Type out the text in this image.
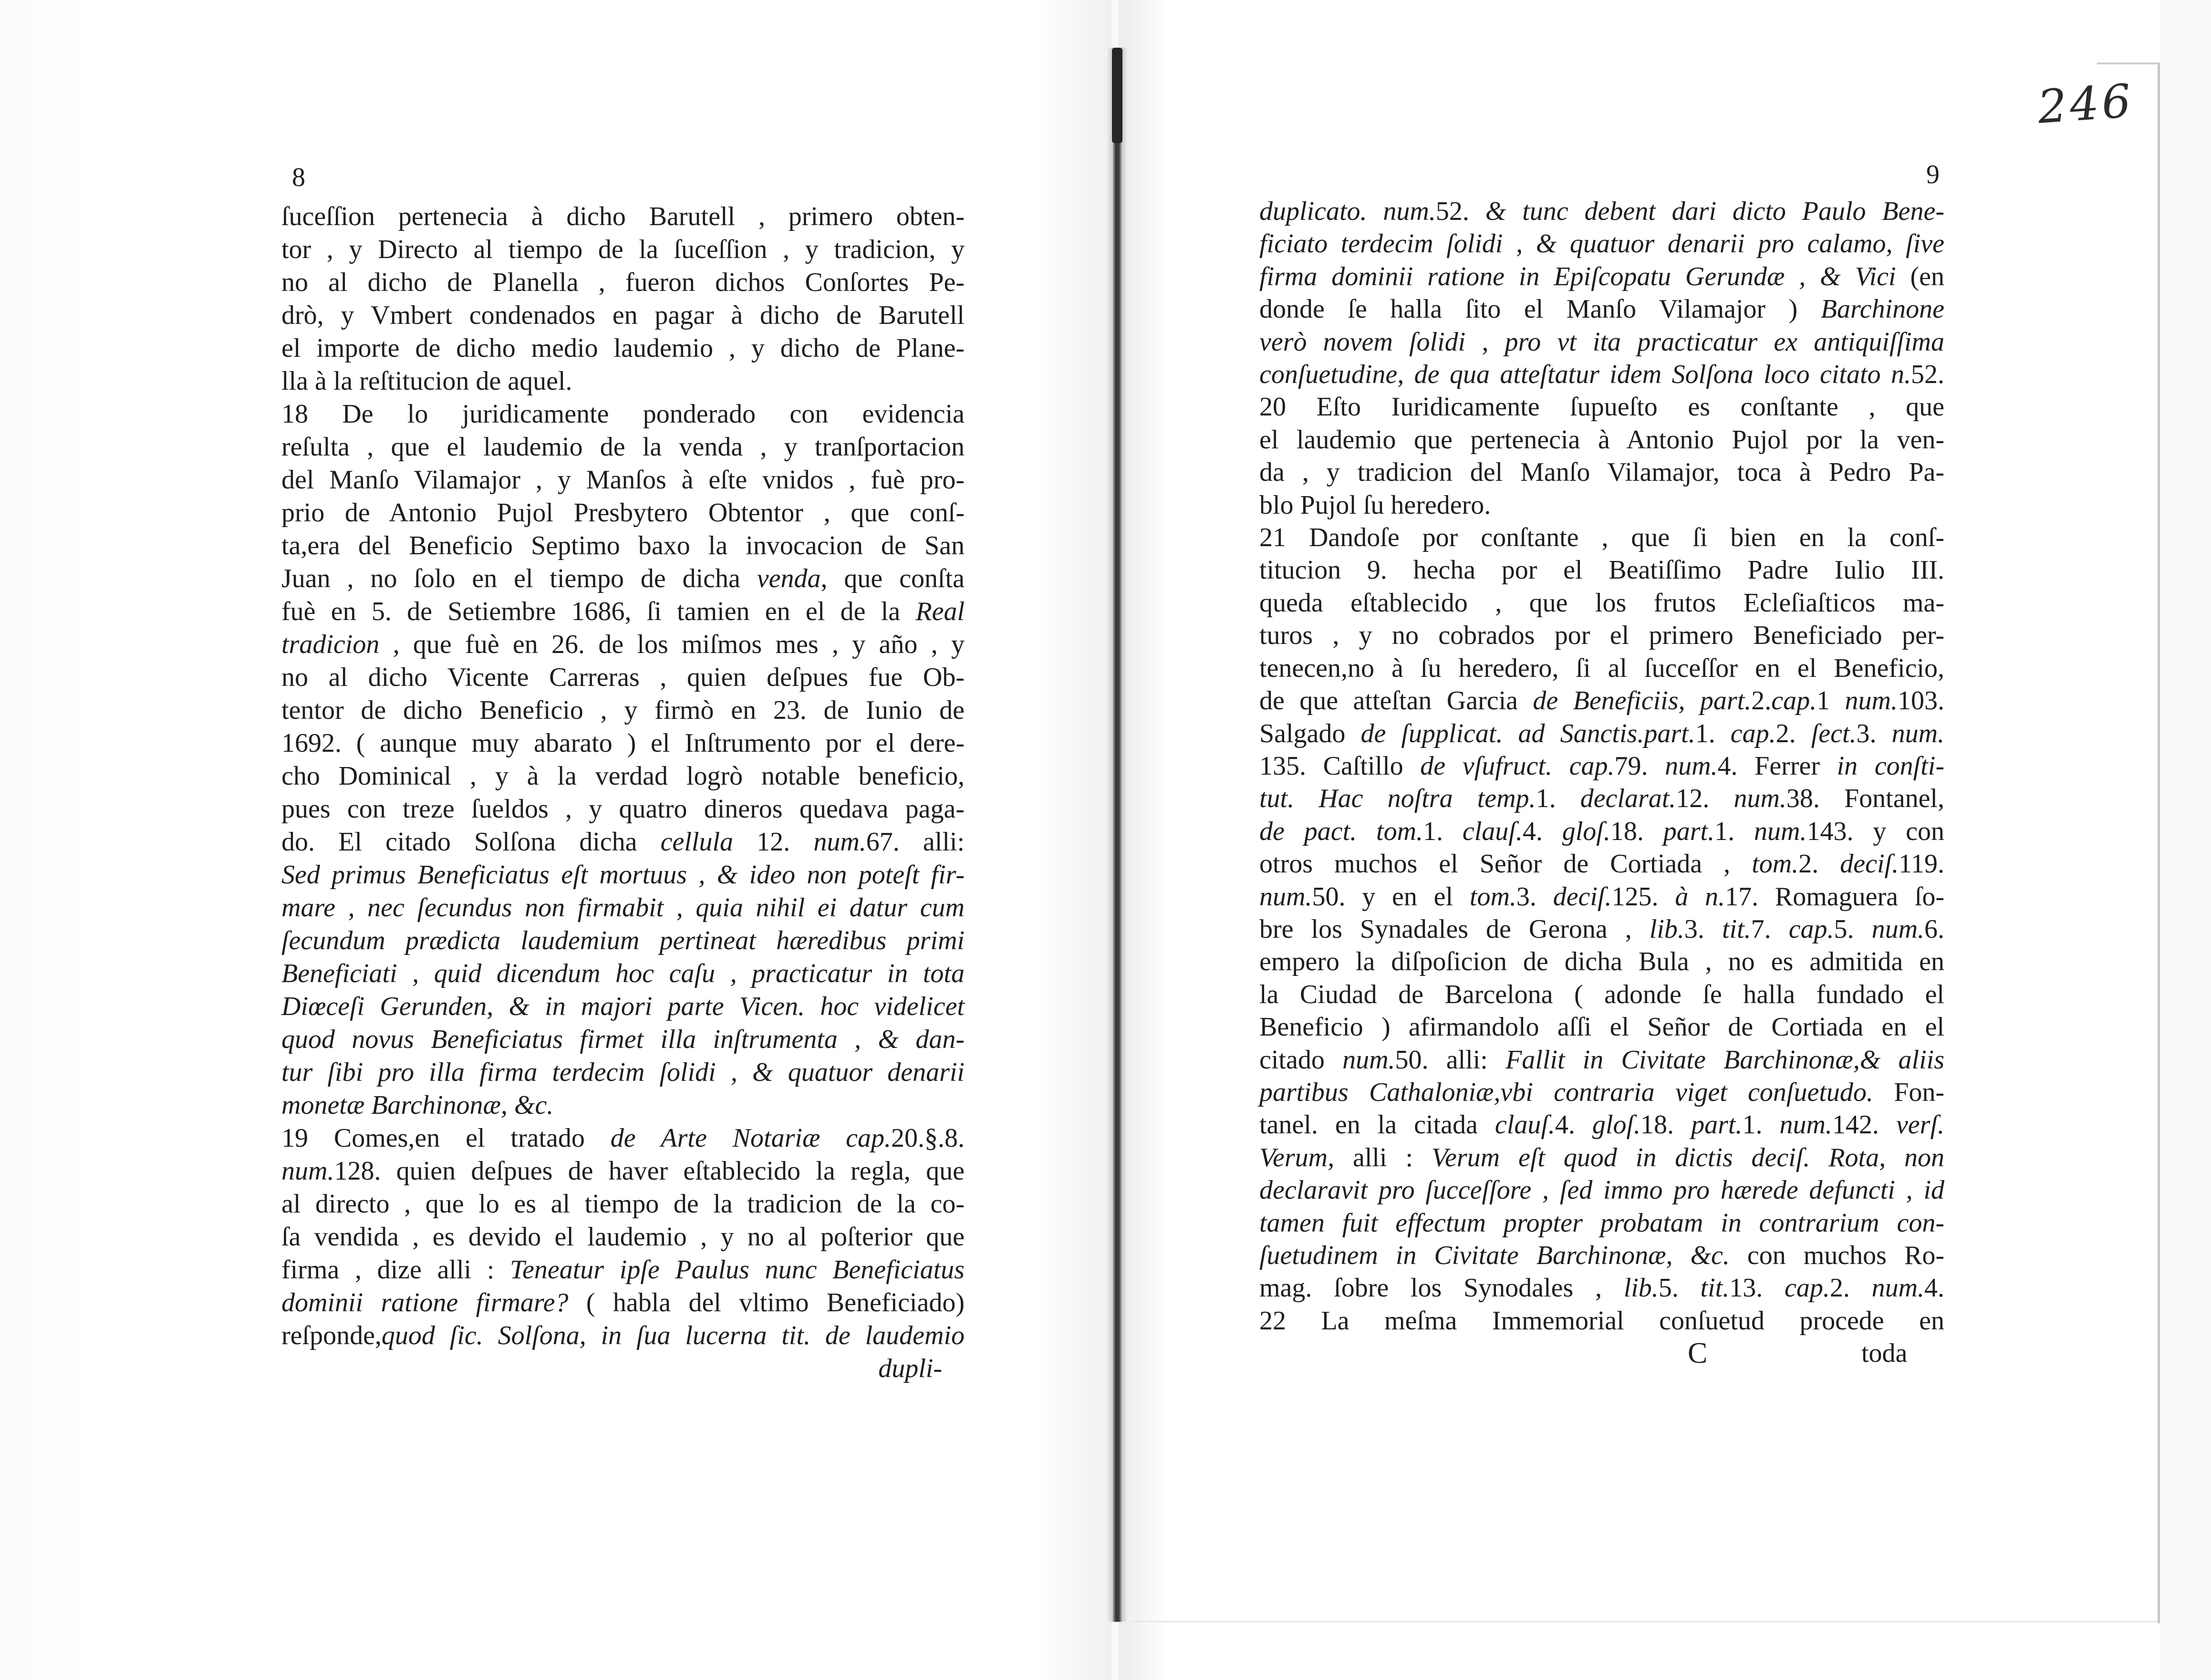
8
ſuceſſion pertenecia à dicho Barutell , primero obten-
tor , y Directo al tiempo de la ſuceſſion , y tradicion, y
no al dicho de Planella , fueron dichos Conſortes Pe-
drò, y Vmbert condenados en pagar à dicho de Barutell
el importe de dicho medio laudemio , y dicho de Plane-
lla à la reſtitucion de aquel.
18 De lo juridicamente ponderado con evidencia
reſulta , que el laudemio de la venda , y tranſportacion
del Manſo Vilamajor , y Manſos à eſte vnidos , fuè pro-
prio de Antonio Pujol Presbytero Obtentor , que conſ-
ta,era del Beneficio Septimo baxo la invocacion de San
Juan , no ſolo en el tiempo de dicha venda, que conſta
fuè en 5. de Setiembre 1686, ſi tamien en el de la Real
tradicion , que fuè en 26. de los miſmos mes , y año , y
no al dicho Vicente Carreras , quien deſpues fue Ob-
tentor de dicho Beneficio , y firmò en 23. de Iunio de
1692. ( aunque muy abarato ) el Inſtrumento por el dere-
cho Dominical , y à la verdad logrò notable beneficio,
pues con treze ſueldos , y quatro dineros quedava paga-
do. El citado Solſona dicha cellula 12. num.67. alli:
Sed primus Beneficiatus eſt mortuus , & ideo non poteſt fir-
mare , nec ſecundus non firmabit , quia nihil ei datur cum
ſecundum prædicta laudemium pertineat hæredibus primi
Beneficiati , quid dicendum hoc caſu , practicatur in tota
Diœceſi Gerunden, & in majori parte Vicen. hoc videlicet
quod novus Beneficiatus firmet illa inſtrumenta , & dan-
tur ſibi pro illa firma terdecim ſolidi , & quatuor denarii
monetæ Barchinonæ, &c.
19 Comes,en el tratado de Arte Notariæ cap.20.§.8.
num.128. quien deſpues de haver eſtablecido la regla, que
al directo , que lo es al tiempo de la tradicion de la co-
ſa vendida , es devido el laudemio , y no al poſterior que
firma , dize alli : Teneatur ipſe Paulus nunc Beneficiatus
dominii ratione firmare? ( habla del vltimo Beneficiado)
reſponde,quod ſic. Solſona, in ſua lucerna tit. de laudemio
dupli-
9
246
duplicato. num.52. & tunc debent dari dicto Paulo Bene-
ficiato terdecim ſolidi , & quatuor denarii pro calamo, ſive
firma dominii ratione in Epiſcopatu Gerundæ , & Vici (en
donde ſe halla ſito el Manſo Vilamajor ) Barchinone
verò novem ſolidi , pro vt ita practicatur ex antiquiſſima
conſuetudine, de qua atteſtatur idem Solſona loco citato n.52.
20 Eſto Iuridicamente ſupueſto es conſtante , que
el laudemio que pertenecia à Antonio Pujol por la ven-
da , y tradicion del Manſo Vilamajor, toca à Pedro Pa-
blo Pujol ſu heredero.
21 Dandoſe por conſtante , que ſi bien en la conſ-
titucion 9. hecha por el Beatiſſimo Padre Iulio III.
queda eſtablecido , que los frutos Ecleſiaſticos ma-
turos , y no cobrados por el primero Beneficiado per-
tenecen,no à ſu heredero, ſi al ſucceſſor en el Beneficio,
de que atteſtan Garcia de Beneficiis, part.2.cap.1 num.103.
Salgado de ſupplicat. ad Sanctis.part.1. cap.2. ſect.3. num.
135. Caſtillo de vſufruct. cap.79. num.4. Ferrer in conſti-
tut. Hac noſtra temp.1. declarat.12. num.38. Fontanel,
de pact. tom.1. clauſ.4. gloſ.18. part.1. num.143. y con
otros muchos el Señor de Cortiada , tom.2. deciſ.119.
num.50. y en el tom.3. deciſ.125. à n.17. Romaguera ſo-
bre los Synadales de Gerona , lib.3. tit.7. cap.5. num.6.
empero la diſpoſicion de dicha Bula , no es admitida en
la Ciudad de Barcelona ( adonde ſe halla fundado el
Beneficio ) afirmandolo aſſi el Señor de Cortiada en el
citado num.50. alli: Fallit in Civitate Barchinonæ,& aliis
partibus Cathaloniæ,vbi contraria viget conſuetudo. Fon-
tanel. en la citada clauſ.4. gloſ.18. part.1. num.142. verſ.
Verum, alli : Verum eſt quod in dictis deciſ. Rota, non
declaravit pro ſucceſſore , ſed immo pro hærede defuncti , id
tamen fuit effectum propter probatam in contrarium con-
ſuetudinem in Civitate Barchinonæ, &c. con muchos Ro-
mag. ſobre los Synodales , lib.5. tit.13. cap.2. num.4.
22 La meſma Immemorial conſuetud procede en
C	toda
